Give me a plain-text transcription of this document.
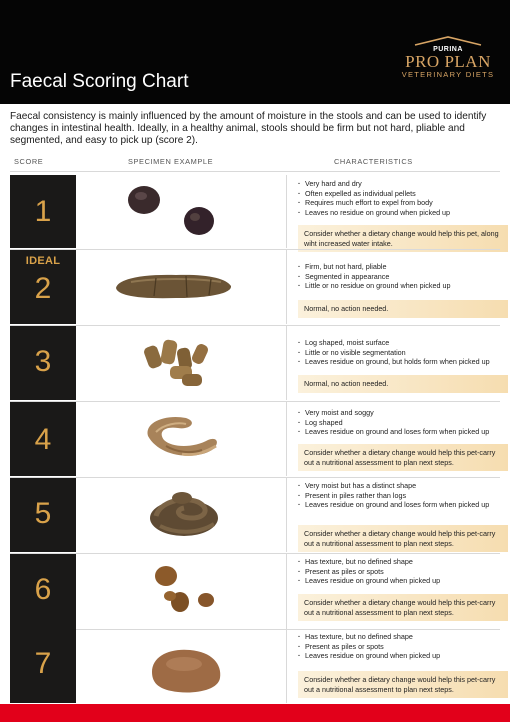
Faecal Scoring Chart
PURINA
PRO PLAN
VETERINARY DIETS

Faecal consistency is mainly influenced by the amount of moisture in the stools and can be used to identify changes in intestinal health. Ideally, in a healthy animal, stools should be firm but not hard, pliable and segmented, and easy to pick up (score 2).

SCORE	SPECIMEN EXAMPLE	CHARACTERISTICS
1
· Very hard and dry
· Often expelled as individual pellets
· Requires much effort to expel from body
· Leaves no residue on ground when picked up
Consider whether a dietary change would help this pet, along wiht increased water intake.
IDEAL
2
· Firm, but not hard, pliable
· Segmented in appearance
· Little or no residue on ground when picked up
Normal, no action needed.
3
· Log shaped, moist surface
· Little or no visible segmentation
· Leaves residue on ground, but holds form when picked up
Normal, no action needed.
4
· Very moist and soggy
· Log shaped
· Leaves residue on ground and loses form when picked up
Consider whether a dietary change would help this pet-carry out a nutritional assessment to plan next steps.
5
· Very moist but has a distinct shape
· Present in piles rather than logs
· Leaves residue on ground and loses form when picked up
Consider whether a dietary change would help this pet-carry out a nutritional assessment to plan next steps.
6
· Has texture, but no defined shape
· Present as piles or spots
· Leaves residue on ground when picked up
Consider whether a dietary change would help this pet-carry out a nutritional assessment to plan next steps.
7
· Has texture, but no defined shape
· Present as piles or spots
· Leaves residue on ground when picked up
Consider whether a dietary change would help this pet-carry out a nutritional assessment to plan next steps.
